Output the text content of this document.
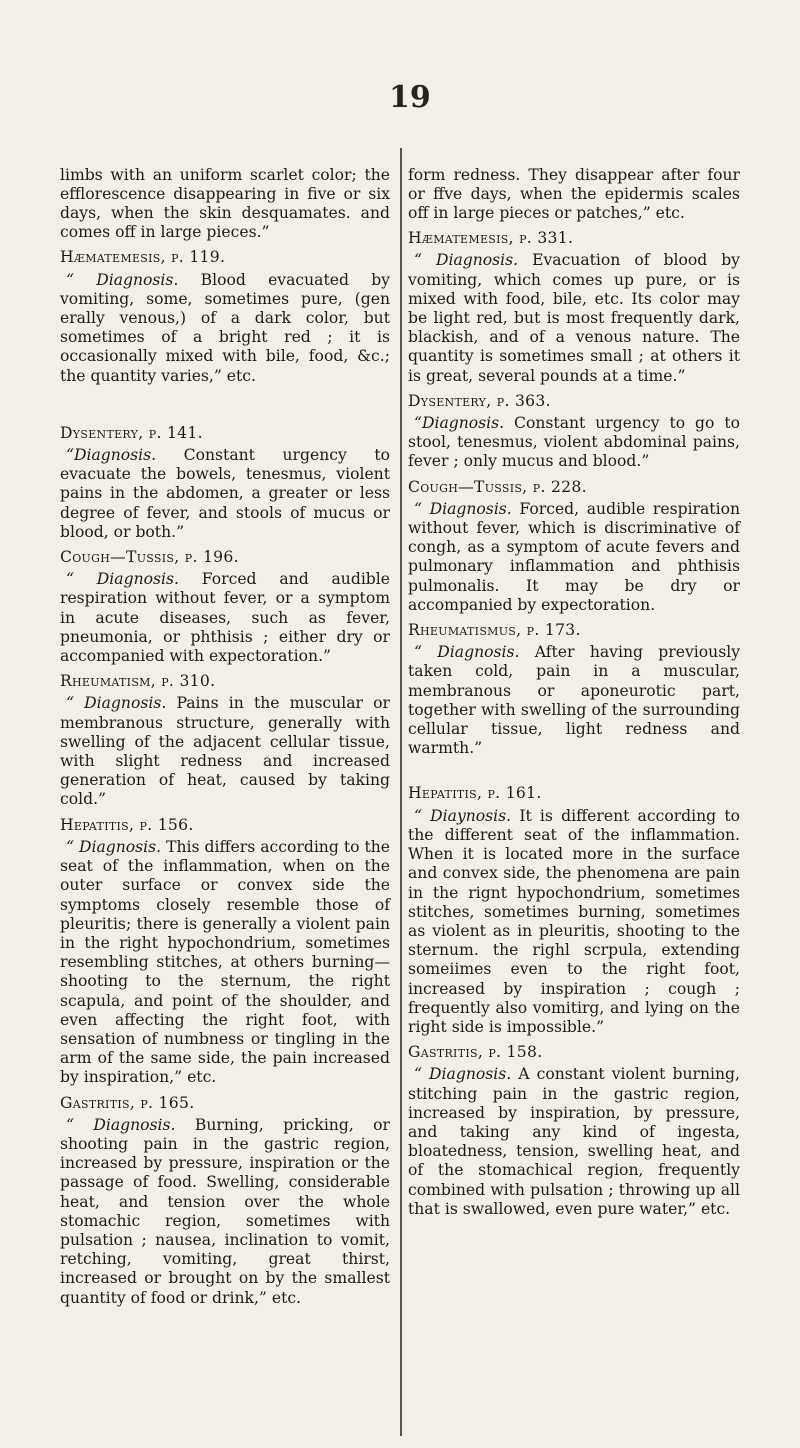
19

limbs with an uniform scarlet color; the efflorescence disappearing in five or six days, when the skin desquamates. and comes off in large pieces.”

Hæmatemesis, p. 119.

“ Diagnosis. Blood evacuated by vomiting, some, sometimes pure, (gen erally venous,) of a dark color, but sometimes of a bright red ; it is occasionally mixed with bile, food, &c.; the quantity varies,” etc.

Dysentery, p. 141.

“Diagnosis. Constant urgency to evacuate the bowels, tenesmus, violent pains in the abdomen, a greater or less degree of fever, and stools of mucus or blood, or both.”

Cough—Tussis, p. 196.

“ Diagnosis. Forced and audible respiration without fever, or a symptom in acute diseases, such as fever, pneumonia, or phthisis ; either dry or accompanied with expectoration.”

Rheumatism, p. 310.

“ Diagnosis. Pains in the muscular or membranous structure, generally with swelling of the adjacent cellular tissue, with slight redness and increased generation of heat, caused by taking cold.”

Hepatitis, p. 156.

“ Diagnosis. This differs according to the seat of the inflammation, when on the outer surface or convex side the symptoms closely resemble those of pleuritis; there is generally a violent pain in the right hypochondrium, sometimes resembling stitches, at others burning—shooting to the sternum, the right scapula, and point of the shoulder, and even affecting the right foot, with sensation of numbness or tingling in the arm of the same side, the pain increased by inspiration,” etc.

Gastritis, p. 165.

“ Diagnosis. Burning, pricking, or shooting pain in the gastric region, increased by pressure, inspiration or the passage of food. Swelling, considerable heat, and tension over the whole stomachic region, sometimes with pulsation ; nausea, inclination to vomit, retching, vomiting, great thirst, increased or brought on by the smallest quantity of food or drink,” etc.

form redness. They disappear after four or ffve days, when the epidermis scales off in large pieces or patches,” etc.

Hæmatemesis, p. 331.

“ Diagnosis. Evacuation of blood by vomiting, which comes up pure, or is mixed with food, bile, etc. Its color may be light red, but is most frequently dark, blackish, and of a venous nature. The quantity is sometimes small ; at others it is great, several pounds at a time.”

Dysentery, p. 363.

“Diagnosis. Constant urgency to go to stool, tenesmus, violent abdominal pains, fever ; only mucus and blood.”

Cough—Tussis, p. 228.

“ Diagnosis. Forced, audible respiration without fever, which is discriminative of congh, as a symptom of acute fevers and pulmonary inflammation and phthisis pulmonalis. It may be dry or accompanied by expectoration.

Rheumatismus, p. 173.

“ Diagnosis. After having previously taken cold, pain in a muscular, membranous or aponeurotic part, together with swelling of the surrounding cellular tissue, light redness and warmth.”

Hepatitis, p. 161.

“ Diaynosis. It is different according to the different seat of the inflammation. When it is located more in the surface and convex side, the phenomena are pain in the rignt hypochondrium, sometimes stitches, sometimes burning, sometimes as violent as in pleuritis, shooting to the sternum. the righl scrpula, extending someiimes even to the right foot, increased by inspiration ; cough ; frequently also vomitirg, and lying on the right side is impossible.”

Gastritis, p. 158.

“ Diagnosis. A constant violent burning, stitching pain in the gastric region, increased by inspiration, by pressure, and taking any kind of ingesta, bloatedness, tension, swelling heat, and of the stomachical region, frequently combined with pulsation ; throwing up all that is swallowed, even pure water,” etc.
